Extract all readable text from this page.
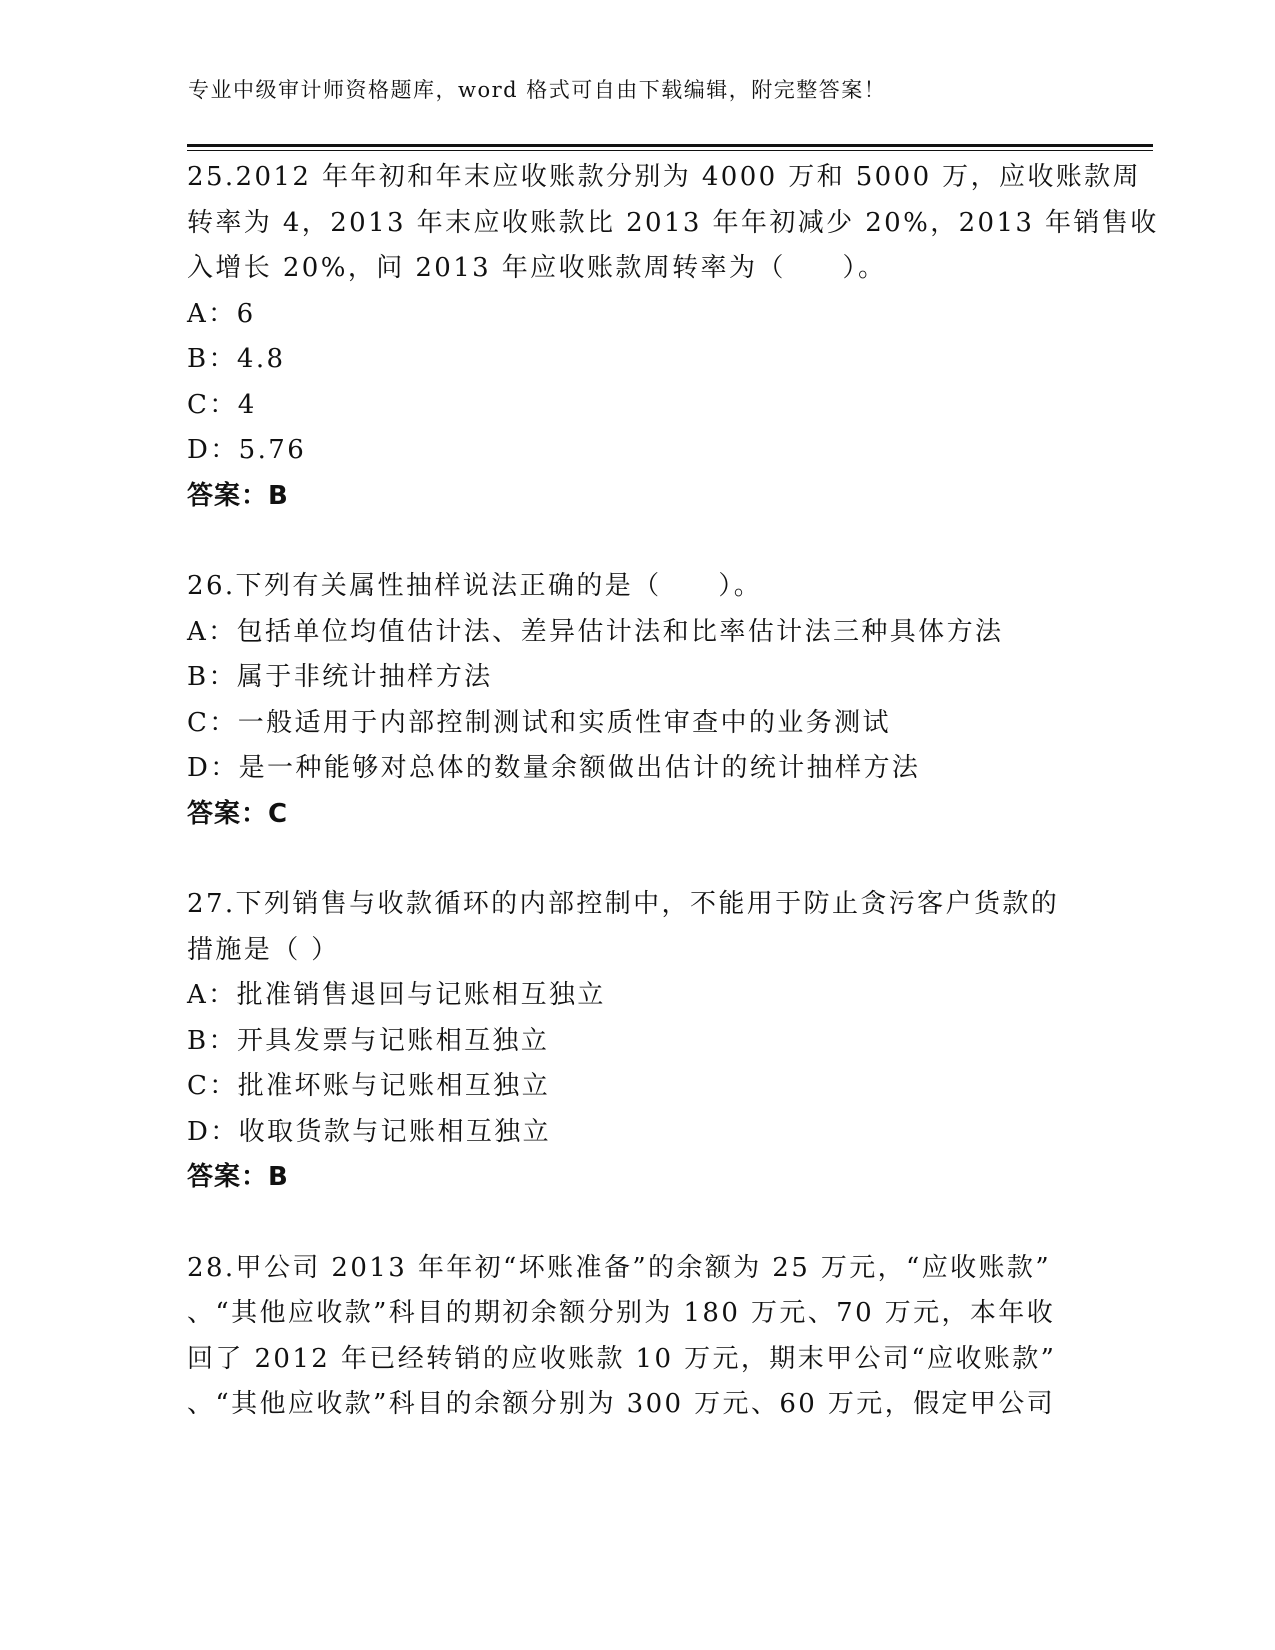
专业中级审计师资格题库，word 格式可自由下载编辑，附完整答案！
25.2012 年年初和年末应收账款分别为 4000 万和 5000 万，应收账款周
转率为 4，2013 年末应收账款比 2013 年年初减少 20%，2013 年销售收
入增长 20%，问 2013 年应收账款周转率为（　　）。
A：6
B：4.8
C：4
D：5.76
答案：B
26.下列有关属性抽样说法正确的是（　　）。
A：包括单位均值估计法、差异估计法和比率估计法三种具体方法
B：属于非统计抽样方法
C：一般适用于内部控制测试和实质性审查中的业务测试
D：是一种能够对总体的数量余额做出估计的统计抽样方法
答案：C
27.下列销售与收款循环的内部控制中，不能用于防止贪污客户货款的
措施是（ ）
A：批准销售退回与记账相互独立
B：开具发票与记账相互独立
C：批准坏账与记账相互独立
D：收取货款与记账相互独立
答案：B
28.甲公司 2013 年年初“坏账准备”的余额为 25 万元，“应收账款”
、“其他应收款”科目的期初余额分别为 180 万元、70 万元，本年收
回了 2012 年已经转销的应收账款 10 万元，期末甲公司“应收账款”
、“其他应收款”科目的余额分别为 300 万元、60 万元，假定甲公司
